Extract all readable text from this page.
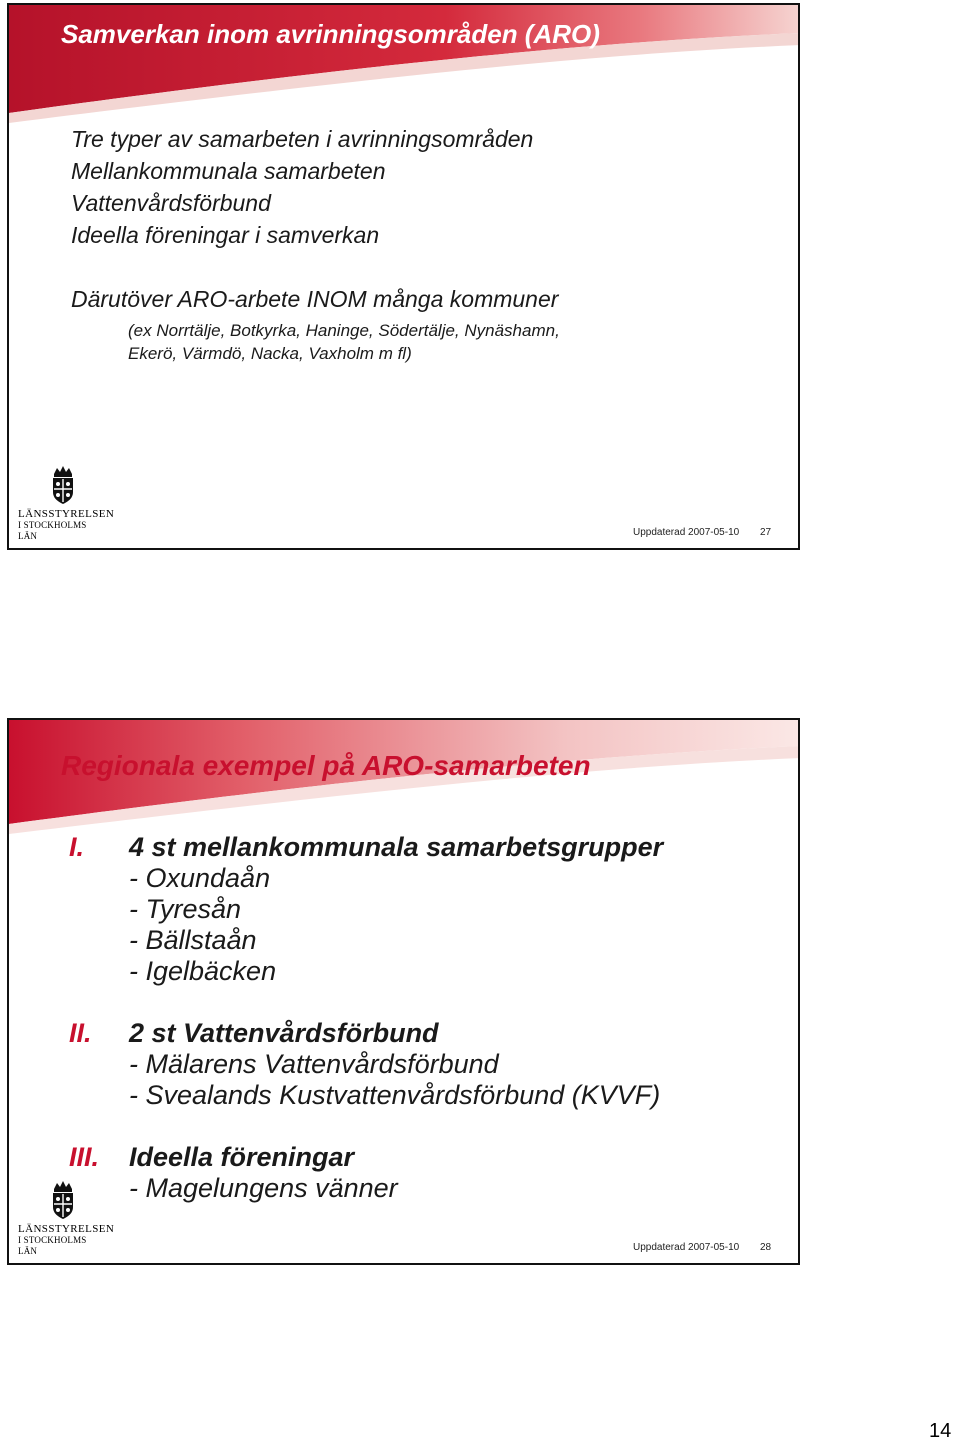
Samverkan inom avrinningsområden (ARO)
Tre typer av samarbeten i avrinningsområden
Mellankommunala samarbeten
Vattenvårdsförbund
Ideella föreningar i samverkan
Därutöver ARO-arbete INOM många kommuner
(ex Norrtälje, Botkyrka, Haninge, Södertälje, Nynäshamn,
Ekerö, Värmdö, Nacka, Vaxholm m fl)
LÄNSSTYRELSEN
I STOCKHOLMS LÄN	Uppdaterad 2007-05-10 27
Regionala exempel på ARO-samarbeten
I. 4 st mellankommunala samarbetsgrupper
- Oxundaån
- Tyresån
- Bällstaån
- Igelbäcken
II. 2 st Vattenvårdsförbund
- Mälarens Vattenvårdsförbund
- Svealands Kustvattenvårdsförbund (KVVF)
III. Ideella föreningar
- Magelungens vänner
LÄNSSTYRELSEN
I STOCKHOLMS LÄN	Uppdaterad 2007-05-10 28
14
